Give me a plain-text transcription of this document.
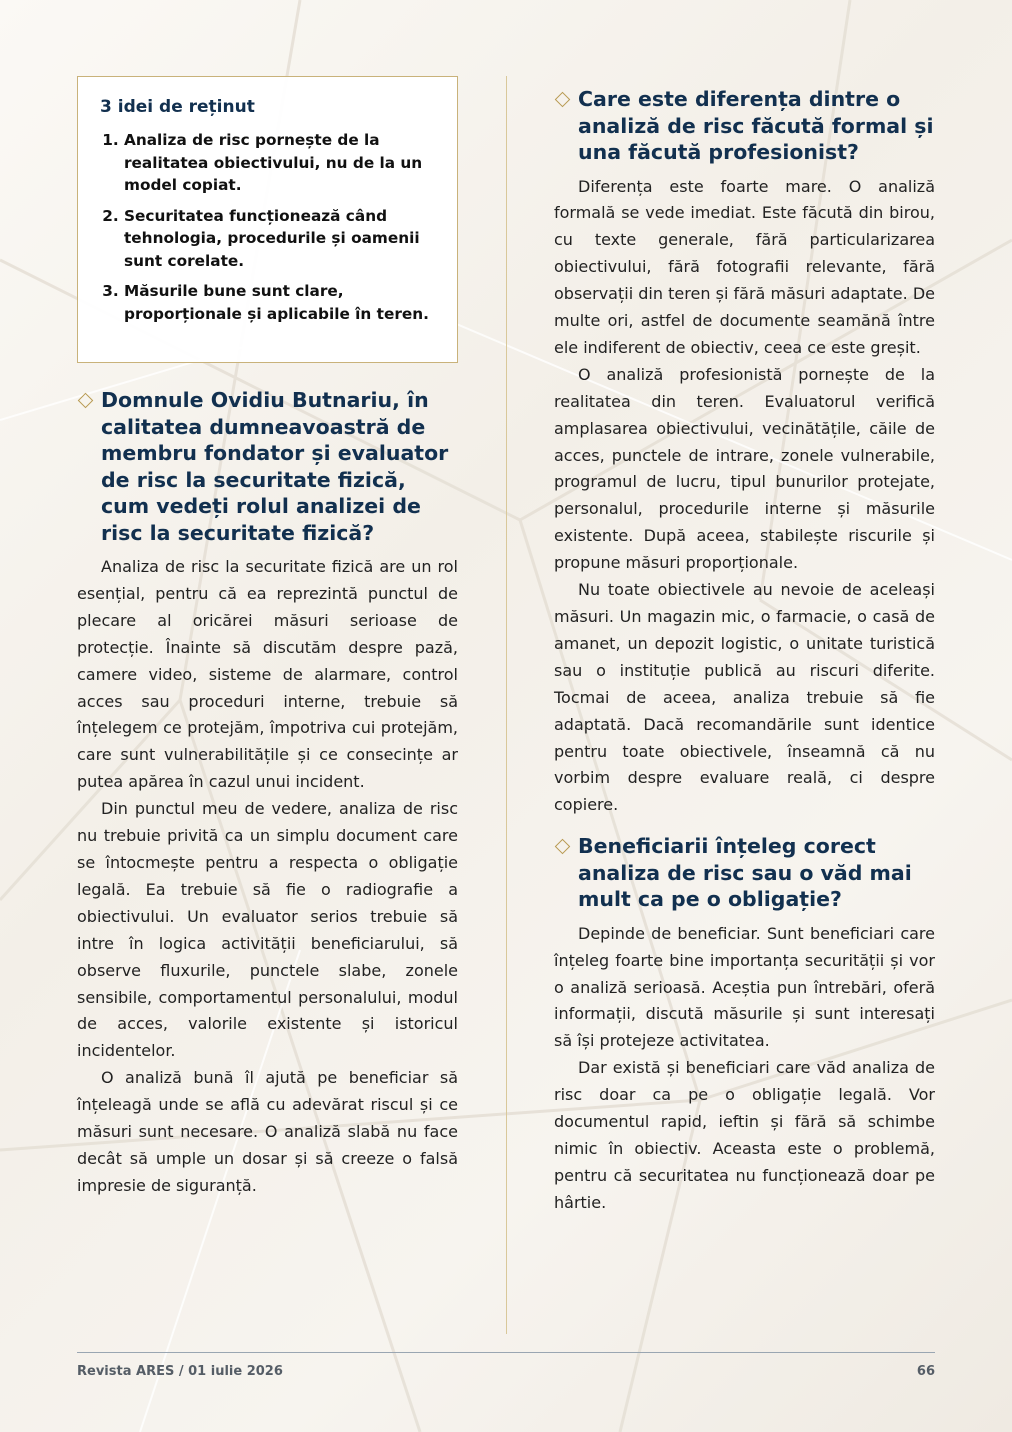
3 idei de reținut
1. Analiza de risc pornește de la realitatea obiectivului, nu de la un model copiat.
2. Securitatea funcționează când tehnologia, procedurile și oamenii sunt corelate.
3. Măsurile bune sunt clare, proporționale și aplicabile în teren.
Domnule Ovidiu Butnariu, în calitatea dumneavoastră de membru fondator și evaluator de risc la securitate fizică, cum vedeți rolul analizei de risc la securitate fizică?

Analiza de risc la securitate fizică are un rol esențial, pentru că ea reprezintă punctul de plecare al oricărei măsuri serioase de protecție. Înainte să discutăm despre pază, camere video, sisteme de alarmare, control acces sau proceduri interne, trebuie să înțelegem ce protejăm, împotriva cui protejăm, care sunt vulnerabilitățile și ce consecințe ar putea apărea în cazul unui incident.

Din punctul meu de vedere, analiza de risc nu trebuie privită ca un simplu document care se întocmește pentru a respecta o obligație legală. Ea trebuie să fie o radiografie a obiectivului. Un evaluator serios trebuie să intre în logica activității beneficiarului, să observe fluxurile, punctele slabe, zonele sensibile, comportamentul personalului, modul de acces, valorile existente și istoricul incidentelor.

O analiză bună îl ajută pe beneficiar să înțeleagă unde se află cu adevărat riscul și ce măsuri sunt necesare. O analiză slabă nu face decât să umple un dosar și să creeze o falsă impresie de siguranță.

Care este diferența dintre o analiză de risc făcută formal și una făcută profesionist?

Diferența este foarte mare. O analiză formală se vede imediat. Este făcută din birou, cu texte generale, fără particularizarea obiectivului, fără fotografii relevante, fără observații din teren și fără măsuri adaptate. De multe ori, astfel de documente seamănă între ele indiferent de obiectiv, ceea ce este greșit.

O analiză profesionistă pornește de la realitatea din teren. Evaluatorul verifică amplasarea obiectivului, vecinătățile, căile de acces, punctele de intrare, zonele vulnerabile, programul de lucru, tipul bunurilor protejate, personalul, procedurile interne și măsurile existente. După aceea, stabilește riscurile și propune măsuri proporționale.

Nu toate obiectivele au nevoie de aceleași măsuri. Un magazin mic, o farmacie, o casă de amanet, un depozit logistic, o unitate turistică sau o instituție publică au riscuri diferite. Tocmai de aceea, analiza trebuie să fie adaptată. Dacă recomandările sunt identice pentru toate obiectivele, înseamnă că nu vorbim despre evaluare reală, ci despre copiere.

Beneficiarii înțeleg corect analiza de risc sau o văd mai mult ca pe o obligație?

Depinde de beneficiar. Sunt beneficiari care înțeleg foarte bine importanța securității și vor o analiză serioasă. Aceștia pun întrebări, oferă informații, discută măsurile și sunt interesați să își protejeze activitatea.

Dar există și beneficiari care văd analiza de risc doar ca pe o obligație legală. Vor documentul rapid, ieftin și fără să schimbe nimic în obiectiv. Aceasta este o problemă, pentru că securitatea nu funcționează doar pe hârtie.

Revista ARES / 01 iulie 2026	66
